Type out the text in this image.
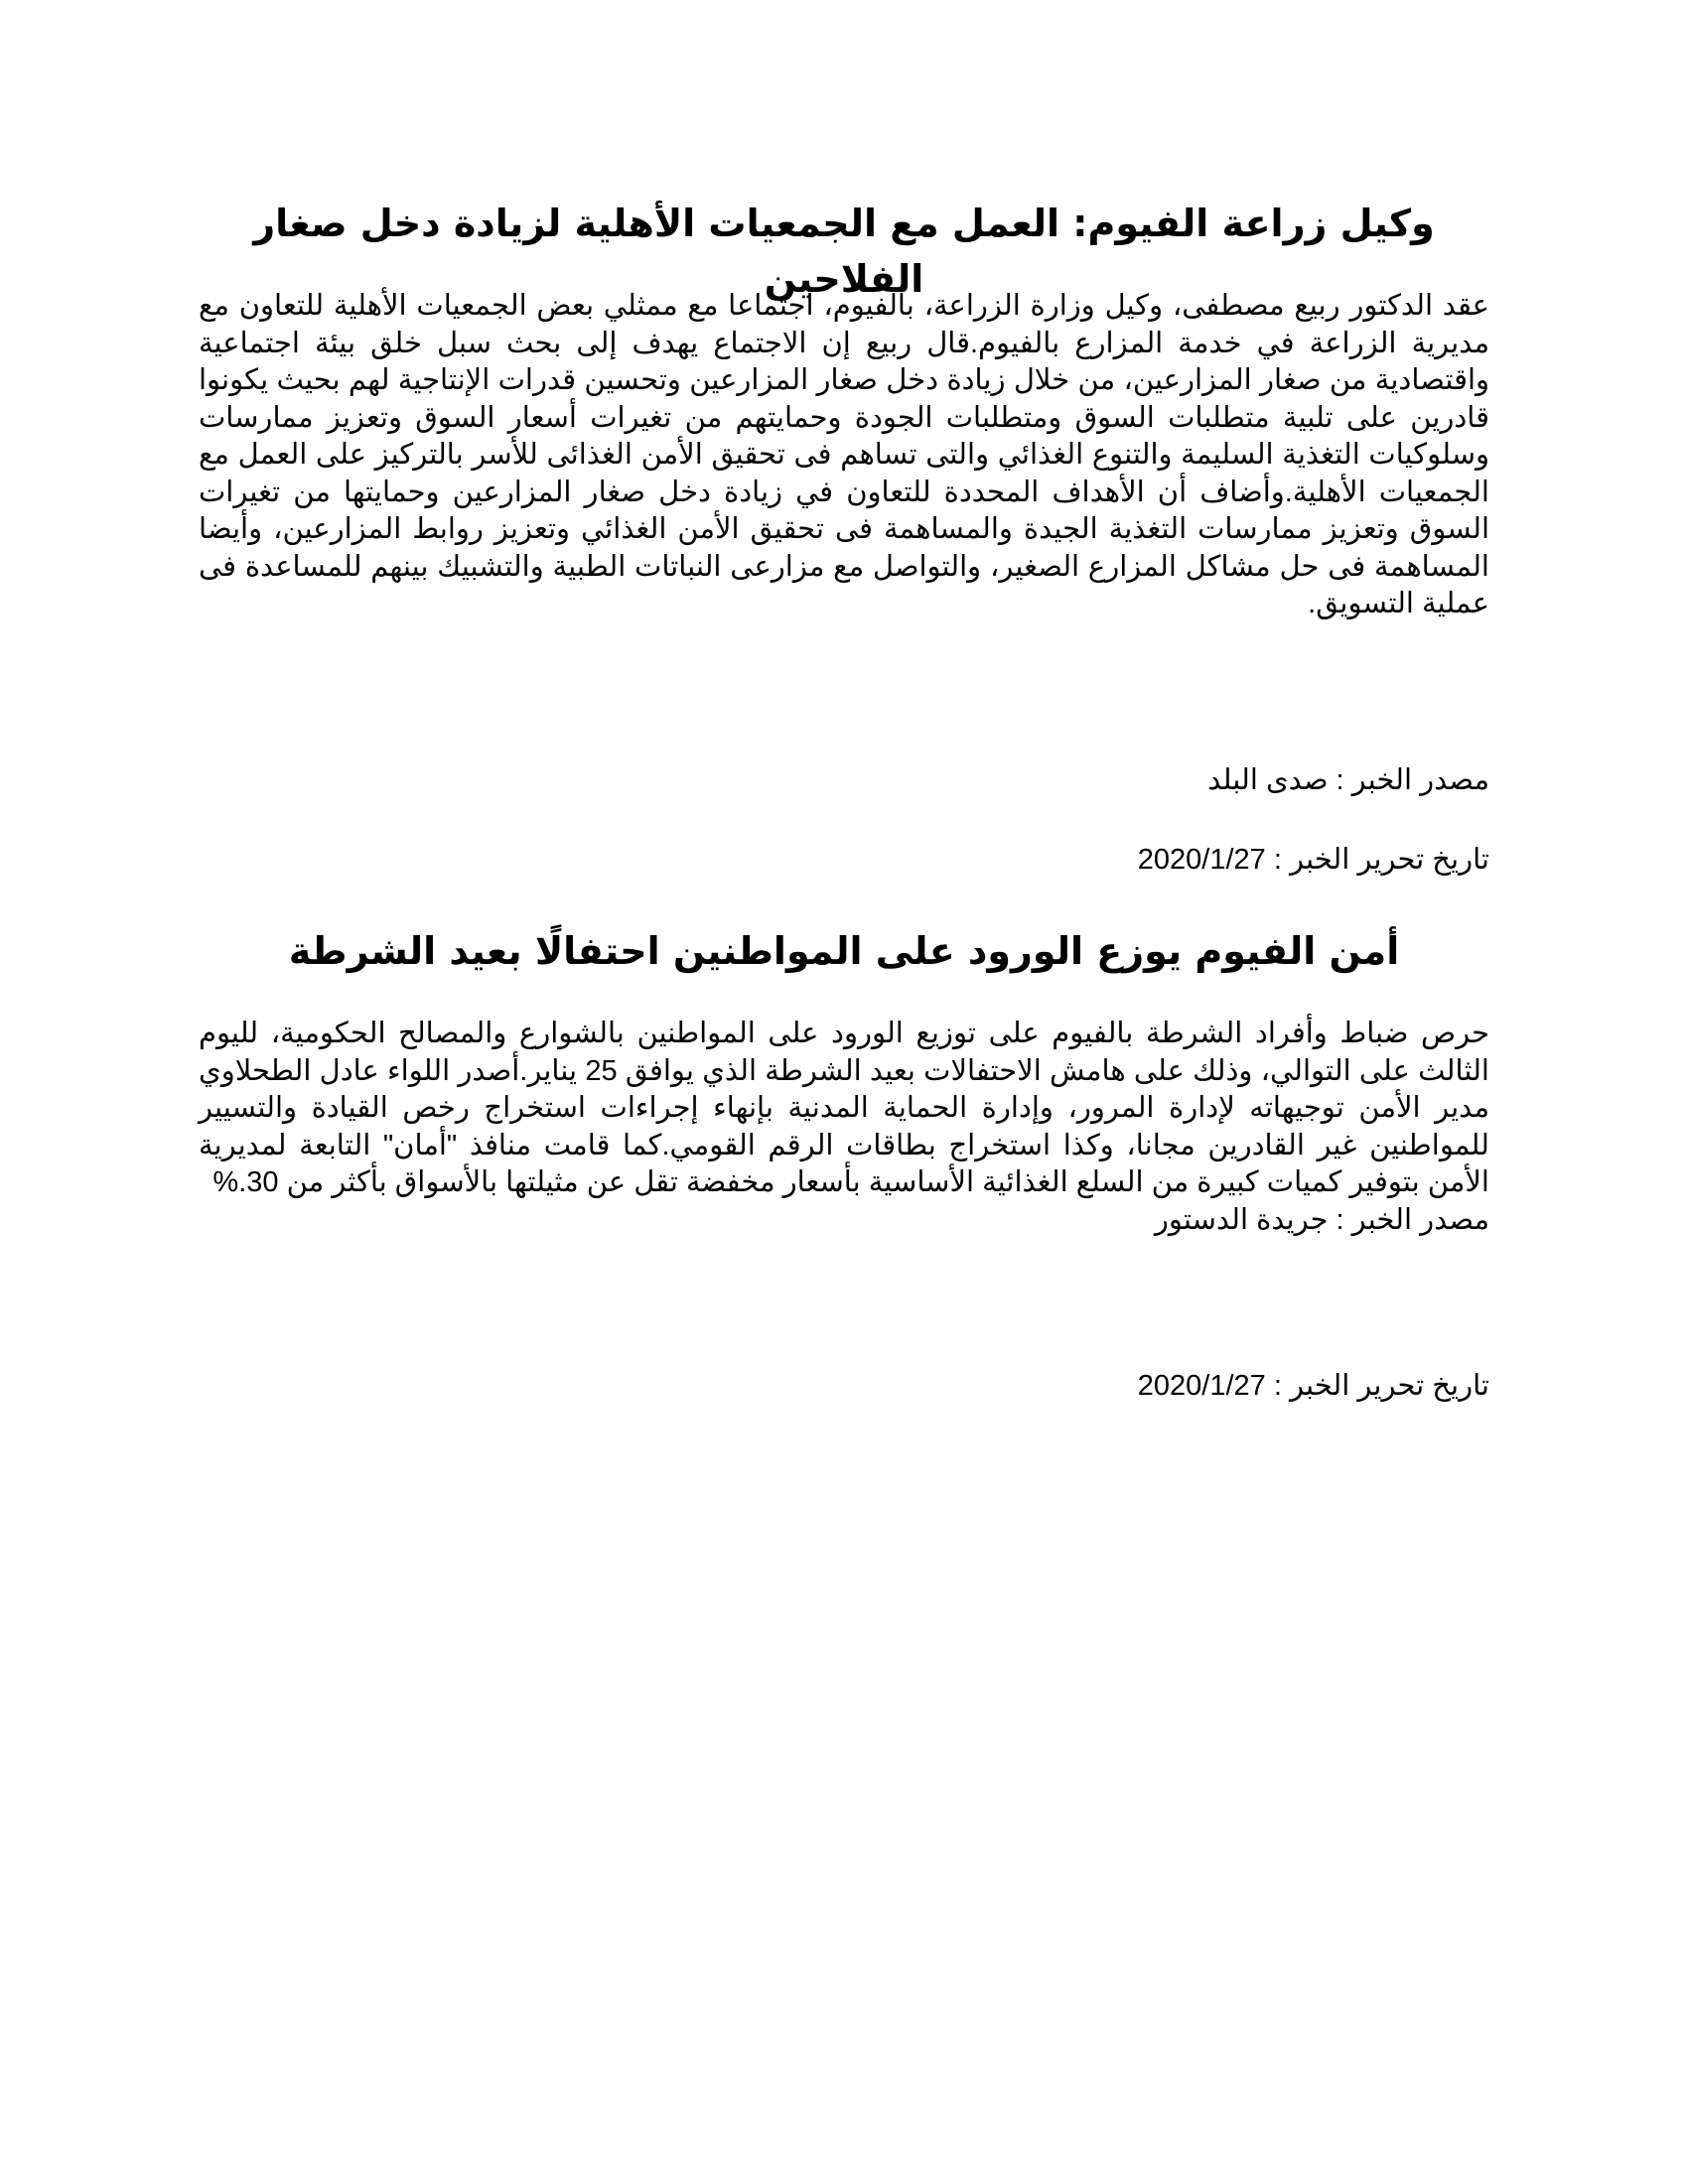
وكيل زراعة الفيوم: العمل مع الجمعيات الأهلية لزيادة دخل صغار الفلاحين

عقد الدكتور ربيع مصطفى، وكيل وزارة الزراعة، بالفيوم، اجتماعا مع ممثلي بعض الجمعيات الأهلية للتعاون مع مديرية الزراعة في خدمة المزارع بالفيوم.قال ربيع إن الاجتماع يهدف إلى بحث سبل خلق بيئة اجتماعية واقتصادية من صغار المزارعين، من خلال زيادة دخل صغار المزارعين وتحسين قدرات الإنتاجية لهم بحيث يكونوا قادرين على تلبية متطلبات السوق ومتطلبات الجودة وحمايتهم من تغيرات أسعار السوق وتعزيز ممارسات وسلوكيات التغذية السليمة والتنوع الغذائي والتى تساهم فى تحقيق الأمن الغذائى للأسر بالتركيز على العمل مع الجمعيات الأهلية.وأضاف أن الأهداف المحددة للتعاون في زيادة دخل صغار المزارعين وحمايتها من تغيرات السوق وتعزيز ممارسات التغذية الجيدة والمساهمة فى تحقيق الأمن الغذائي وتعزيز روابط المزارعين، وأيضا المساهمة فى حل مشاكل المزارع الصغير، والتواصل مع مزارعى النباتات الطبية والتشبيك بينهم للمساعدة فى عملية التسويق.

مصدر الخبر : صدى البلد

تاريخ تحرير الخبر : 2020/1/27

أمن الفيوم يوزع الورود على المواطنين احتفالًا بعيد الشرطة

حرص ضباط وأفراد الشرطة بالفيوم على توزيع الورود على المواطنين بالشوارع والمصالح الحكومية، لليوم الثالث على التوالي، وذلك على هامش الاحتفالات بعيد الشرطة الذي يوافق 25 يناير.أصدر اللواء عادل الطحلاوي مدير الأمن توجيهاته لإدارة المرور، وإدارة الحماية المدنية بإنهاء إجراءات استخراج رخص القيادة والتسيير للمواطنين غير القادرين مجانا، وكذا استخراج بطاقات الرقم القومي.كما قامت منافذ "أمان" التابعة لمديرية الأمن بتوفير كميات كبيرة من السلع الغذائية الأساسية بأسعار مخفضة تقل عن مثيلتها بالأسواق بأكثر من 30.%

مصدر الخبر : جريدة الدستور

تاريخ تحرير الخبر : 2020/1/27
